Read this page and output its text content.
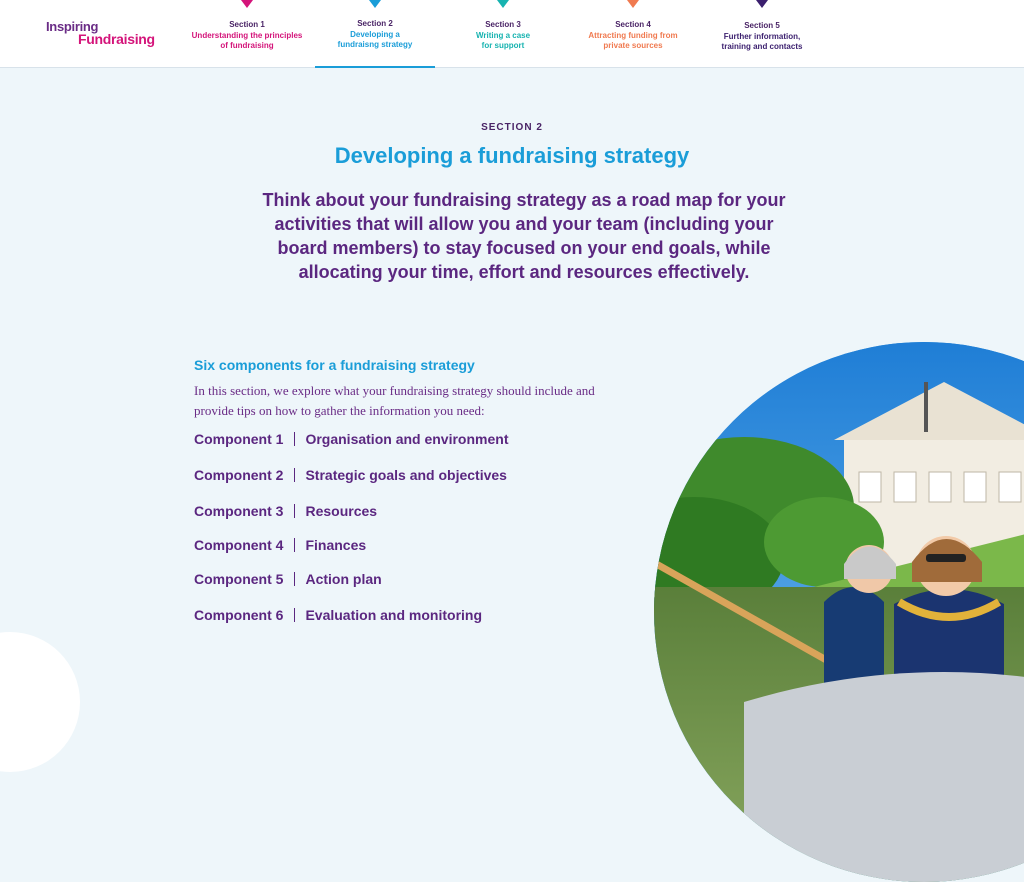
Inspiring
Fundraising
Section 1
Understanding the principles
of fundraising
Section 2
Developing a
fundraisng strategy
Section 3
Writing a case
for support
Section 4
Attracting funding from
private sources
Section 5
Further information,
training and contacts
SECTION 2
Developing a fundraising strategy

Think about your fundraising strategy as a road map for your activities that will allow you and your team (including your board members) to stay focused on your end goals, while allocating your time, effort and resources effectively.

Six components for a fundraising strategy

In this section, we explore what your fundraising strategy should include and provide tips on how to gather the information you need:

Component 1 Organisation and environment
Component 2 Strategic goals and objectives
Component 3 Resources
Component 4 Finances
Component 5 Action plan
Component 6 Evaluation and monitoring
